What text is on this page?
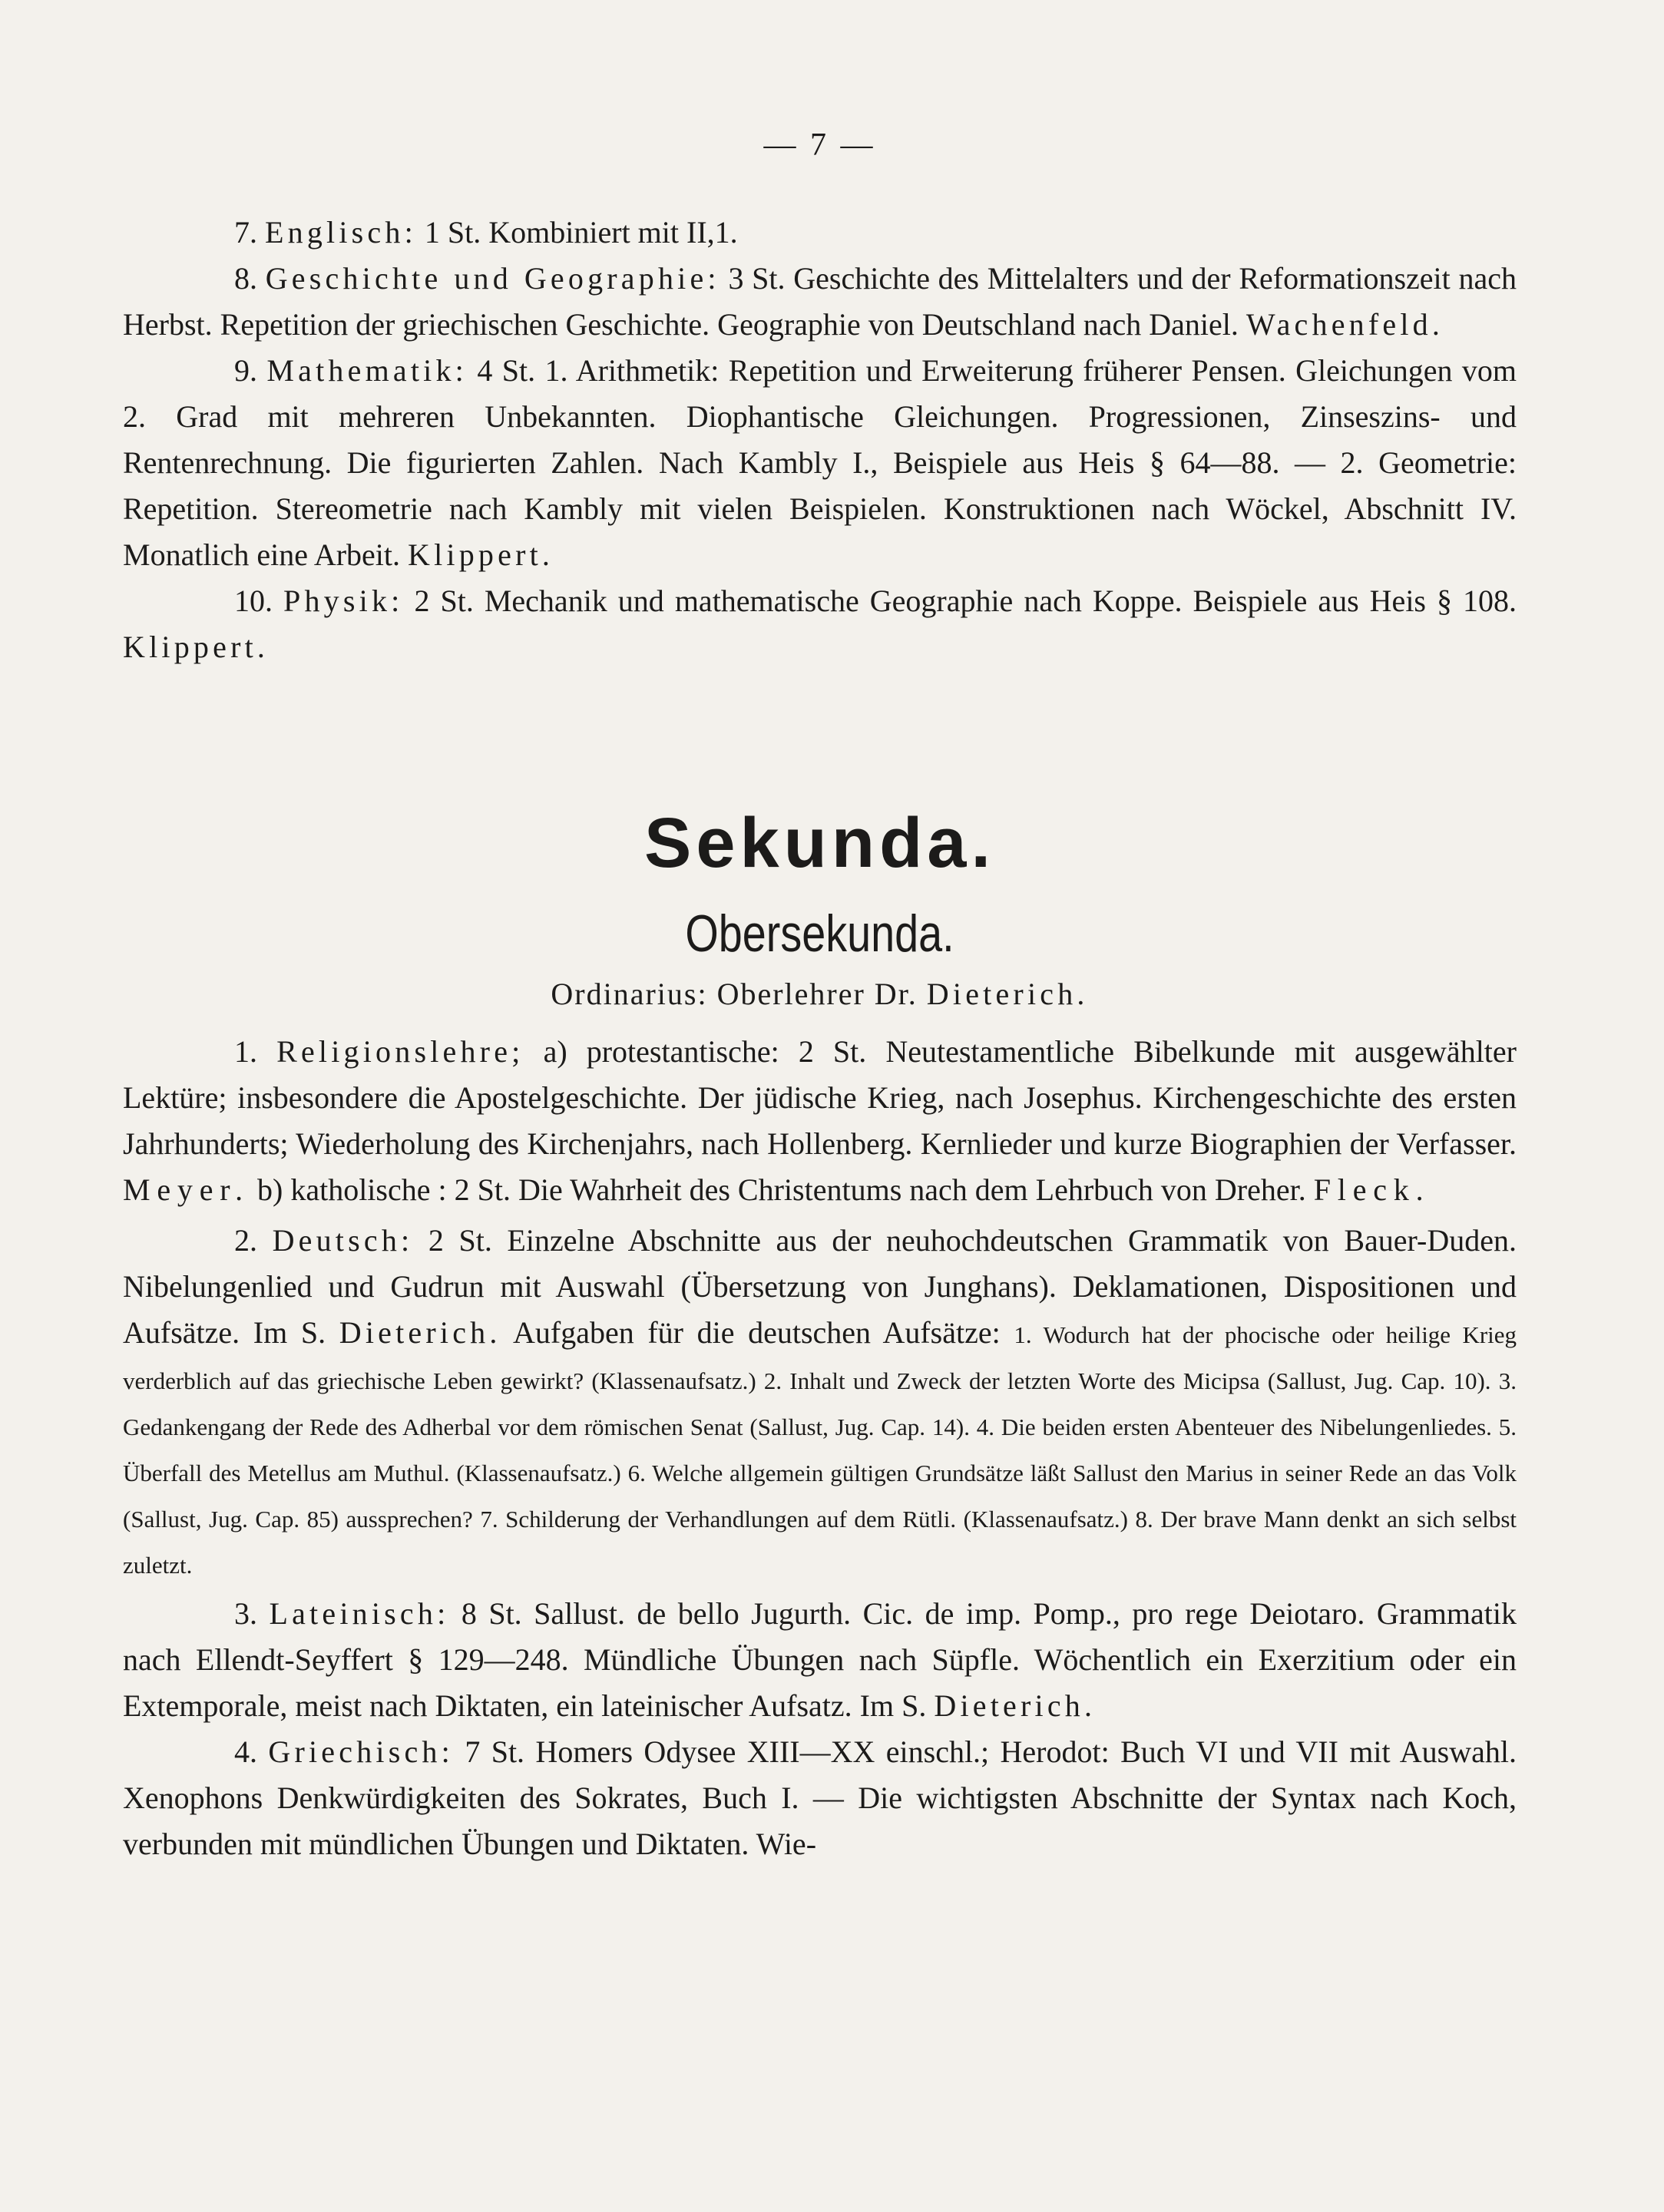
— 7 —

7. Englisch: 1 St. Kombiniert mit II,1.

8. Geschichte und Geographie: 3 St. Geschichte des Mittelalters und der Reformationszeit nach Herbst. Repetition der griechischen Geschichte. Geographie von Deutschland nach Daniel. Wachenfeld.

9. Mathematik: 4 St. 1. Arithmetik: Repetition und Erweiterung früherer Pensen. Gleichungen vom 2. Grad mit mehreren Unbekannten. Diophantische Gleichungen. Progressionen, Zinseszins- und Rentenrechnung. Die figurierten Zahlen. Nach Kambly I., Beispiele aus Heis § 64—88. — 2. Geometrie: Repetition. Stereometrie nach Kambly mit vielen Beispielen. Konstruktionen nach Wöckel, Abschnitt IV. Monatlich eine Arbeit. Klippert.

10. Physik: 2 St. Mechanik und mathematische Geographie nach Koppe. Beispiele aus Heis § 108. Klippert.

Sekunda.
Obersekunda.
Ordinarius: Oberlehrer Dr. Dieterich.

1. Religionslehre; a) protestantische: 2 St. Neutestamentliche Bibelkunde mit ausgewählter Lektüre; insbesondere die Apostelgeschichte. Der jüdische Krieg, nach Josephus. Kirchengeschichte des ersten Jahrhunderts; Wiederholung des Kirchenjahrs, nach Hollenberg. Kernlieder und kurze Biographien der Verfasser. Meyer. b) katholische : 2 St. Die Wahrheit des Christentums nach dem Lehrbuch von Dreher. Fleck.

2. Deutsch: 2 St. Einzelne Abschnitte aus der neuhochdeutschen Grammatik von Bauer-Duden. Nibelungenlied und Gudrun mit Auswahl (Übersetzung von Junghans). Deklamationen, Dispositionen und Aufsätze. Im S. Dieterich. Aufgaben für die deutschen Aufsätze: 1. Wodurch hat der phocische oder heilige Krieg verderblich auf das griechische Leben gewirkt? (Klassenaufsatz.) 2. Inhalt und Zweck der letzten Worte des Micipsa (Sallust, Jug. Cap. 10). 3. Gedankengang der Rede des Adherbal vor dem römischen Senat (Sallust, Jug. Cap. 14). 4. Die beiden ersten Abenteuer des Nibelungenliedes. 5. Überfall des Metellus am Muthul. (Klassenaufsatz.) 6. Welche allgemein gültigen Grundsätze läßt Sallust den Marius in seiner Rede an das Volk (Sallust, Jug. Cap. 85) aussprechen? 7. Schilderung der Verhandlungen auf dem Rütli. (Klassenaufsatz.) 8. Der brave Mann denkt an sich selbst zuletzt.

3. Lateinisch: 8 St. Sallust. de bello Jugurth. Cic. de imp. Pomp., pro rege Deiotaro. Grammatik nach Ellendt-Seyffert § 129—248. Mündliche Übungen nach Süpfle. Wöchentlich ein Exerzitium oder ein Extemporale, meist nach Diktaten, ein lateinischer Aufsatz. Im S. Dieterich.

4. Griechisch: 7 St. Homers Odysee XIII—XX einschl.; Herodot: Buch VI und VII mit Auswahl. Xenophons Denkwürdigkeiten des Sokrates, Buch I. — Die wichtigsten Abschnitte der Syntax nach Koch, verbunden mit mündlichen Übungen und Diktaten. Wie-
